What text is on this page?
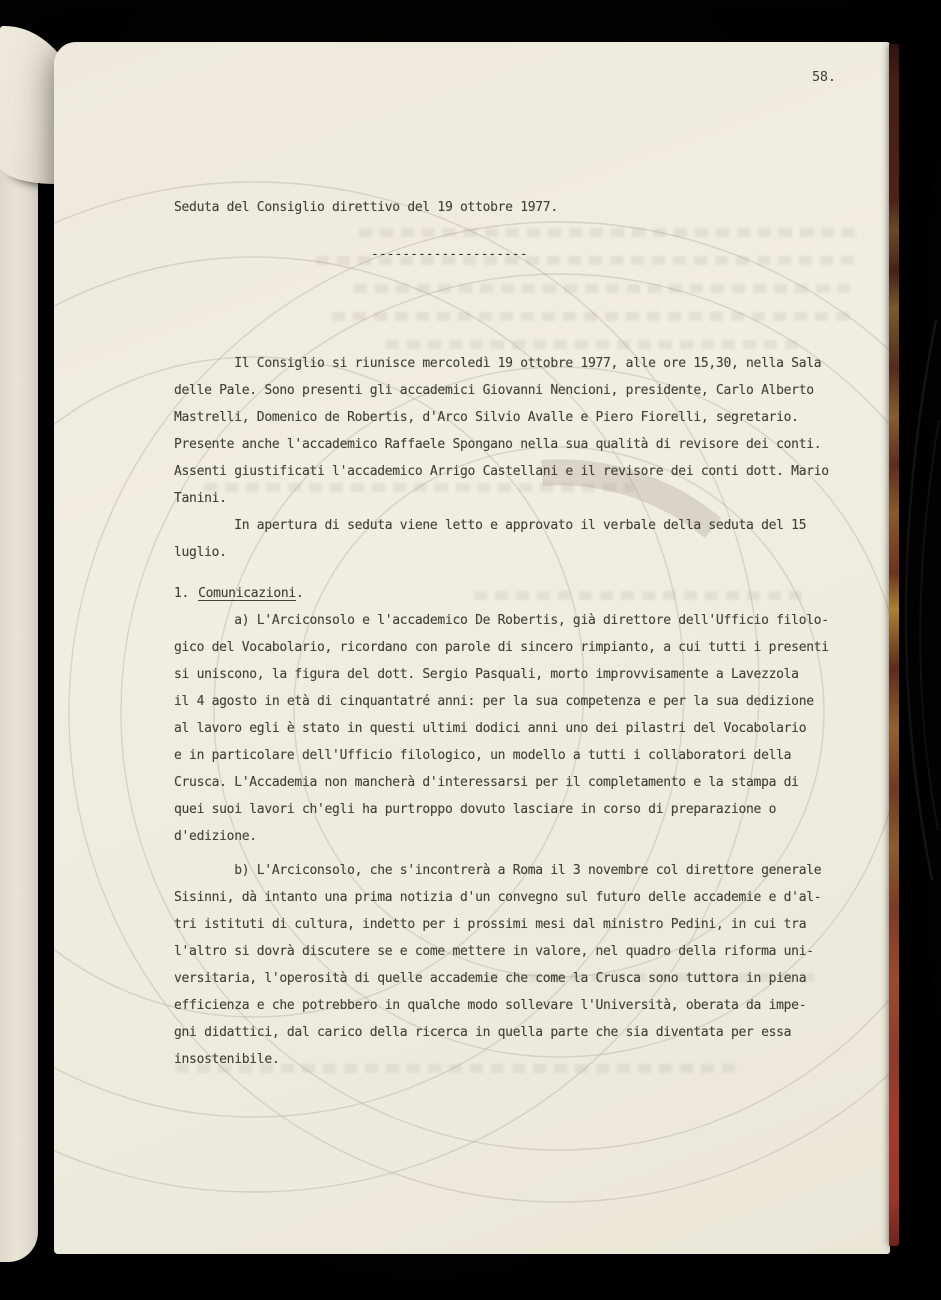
58.
Seduta del Consiglio direttivo del 19 ottobre 1977.
--------------------
Il Consiglio si riunisce mercoledì 19 ottobre 1977, alle ore 15,30, nella Sala
delle Pale. Sono presenti gli accademici Giovanni Nencioni, presidente, Carlo Alberto
Mastrelli, Domenico de Robertis, d'Arco Silvio Avalle e Piero Fiorelli, segretario.
Presente anche l'accademico Raffaele Spongano nella sua qualità di revisore dei conti.
Assenti giustificati l'accademico Arrigo Castellani e il revisore dei conti dott. Mario
Tanini.
In apertura di seduta viene letto e approvato il verbale della seduta del 15
luglio.
1. Comunicazioni.
a) L'Arciconsolo e l'accademico De Robertis, già direttore dell'Ufficio filolo-
gico del Vocabolario, ricordano con parole di sincero rimpianto, a cui tutti i presenti
si uniscono, la figura del dott. Sergio Pasquali, morto improvvisamente a Lavezzola
il 4 agosto in età di cinquantatré anni: per la sua competenza e per la sua dedizione
al lavoro egli è stato in questi ultimi dodici anni uno dei pilastri del Vocabolario
e in particolare dell'Ufficio filologico, un modello a tutti i collaboratori della
Crusca. L'Accademia non mancherà d'interessarsi per il completamento e la stampa di
quei suoi lavori ch'egli ha purtroppo dovuto lasciare in corso di preparazione o
d'edizione.
b) L'Arciconsolo, che s'incontrerà a Roma il 3 novembre col direttore generale
Sisinni, dà intanto una prima notizia d'un convegno sul futuro delle accademie e d'al-
tri istituti di cultura, indetto per i prossimi mesi dal ministro Pedini, in cui tra
l'altro si dovrà discutere se e come mettere in valore, nel quadro della riforma uni-
versitaria, l'operosità di quelle accademie che come la Crusca sono tuttora in piena
efficienza e che potrebbero in qualche modo sollevare l'Università, oberata da impe-
gni didattici, dal carico della ricerca in quella parte che sia diventata per essa
insostenibile.
